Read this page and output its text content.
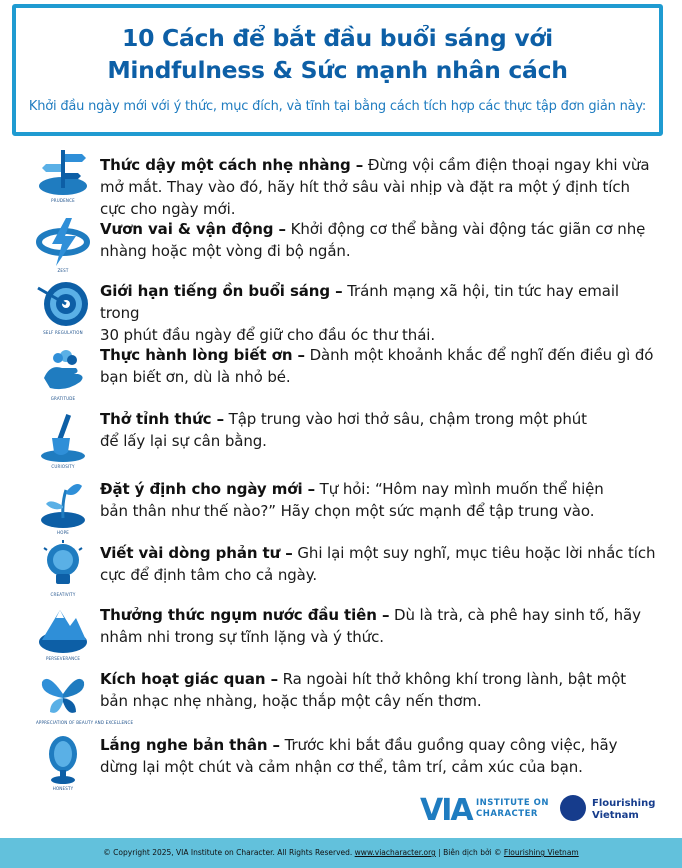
10 Cách để bắt đầu buổi sáng với
Mindfulness & Sức mạnh nhân cách
Khởi đầu ngày mới với ý thức, mục đích, và tĩnh tại bằng cách tích hợp các thực tập đơn giản này:
PRUDENCE
Thức dậy một cách nhẹ nhàng – Đừng vội cầm điện thoại ngay khi vừa
mở mắt. Thay vào đó, hãy hít thở sâu vài nhịp và đặt ra một ý định tích
cực cho ngày mới.
ZEST
Vươn vai & vận động – Khởi động cơ thể bằng vài động tác giãn cơ nhẹ
nhàng hoặc một vòng đi bộ ngắn.
SELF REGULATION
Giới hạn tiếng ồn buổi sáng – Tránh mạng xã hội, tin tức hay email trong
30 phút đầu ngày để giữ cho đầu óc thư thái.
GRATITUDE
Thực hành lòng biết ơn – Dành một khoảnh khắc để nghĩ đến điều gì đó
bạn biết ơn, dù là nhỏ bé.
CURIOSITY
Thở tỉnh thức – Tập trung vào hơi thở sâu, chậm trong một phút
để lấy lại sự cân bằng.
HOPE
Đặt ý định cho ngày mới – Tự hỏi: “Hôm nay mình muốn thể hiện
bản thân như thế nào?” Hãy chọn một sức mạnh để tập trung vào.
CREATIVITY
Viết vài dòng phản tư – Ghi lại một suy nghĩ, mục tiêu hoặc lời nhắc tích
cực để định tâm cho cả ngày.
PERSEVERANCE
Thưởng thức ngụm nước đầu tiên – Dù là trà, cà phê hay sinh tố, hãy
nhâm nhi trong sự tĩnh lặng và ý thức.
APPRECIATION OF BEAUTY AND EXCELLENCE
Kích hoạt giác quan – Ra ngoài hít thở không khí trong lành, bật một
bản nhạc nhẹ nhàng, hoặc thắp một cây nến thơm.
HONESTY
Lắng nghe bản thân – Trước khi bắt đầu guồng quay công việc, hãy
dừng lại một chút và cảm nhận cơ thể, tâm trí, cảm xúc của bạn.
VIA INSTITUTE ON
CHARACTER
Flourishing
Vietnam
© Copyright 2025, VIA Institute on Character. All Rights Reserved. www.viacharacter.org | Biên dịch bởi © Flourishing Vietnam
